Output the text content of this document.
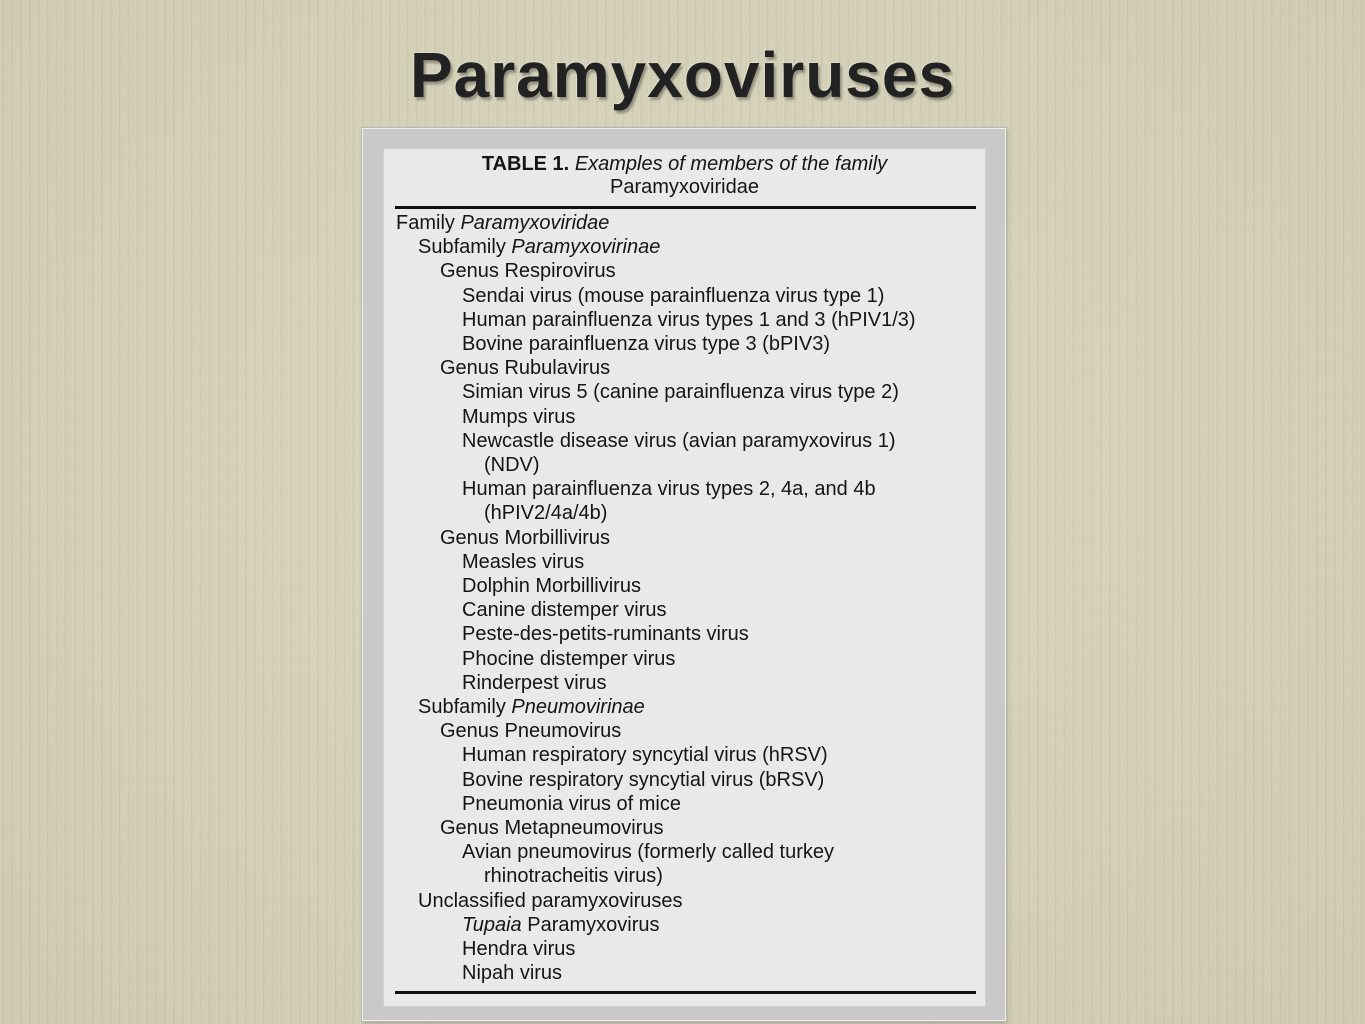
Paramyxoviruses
TABLE 1. Examples of members of the family
Paramyxoviridae
Family Paramyxoviridae
Subfamily Paramyxovirinae
Genus Respirovirus
Sendai virus (mouse parainfluenza virus type 1)
Human parainfluenza virus types 1 and 3 (hPIV1/3)
Bovine parainfluenza virus type 3 (bPIV3)
Genus Rubulavirus
Simian virus 5 (canine parainfluenza virus type 2)
Mumps virus
Newcastle disease virus (avian paramyxovirus 1)
(NDV)
Human parainfluenza virus types 2, 4a, and 4b
(hPIV2/4a/4b)
Genus Morbillivirus
Measles virus
Dolphin Morbillivirus
Canine distemper virus
Peste-des-petits-ruminants virus
Phocine distemper virus
Rinderpest virus
Subfamily Pneumovirinae
Genus Pneumovirus
Human respiratory syncytial virus (hRSV)
Bovine respiratory syncytial virus (bRSV)
Pneumonia virus of mice
Genus Metapneumovirus
Avian pneumovirus (formerly called turkey
rhinotracheitis virus)
Unclassified paramyxoviruses
Tupaia Paramyxovirus
Hendra virus
Nipah virus
